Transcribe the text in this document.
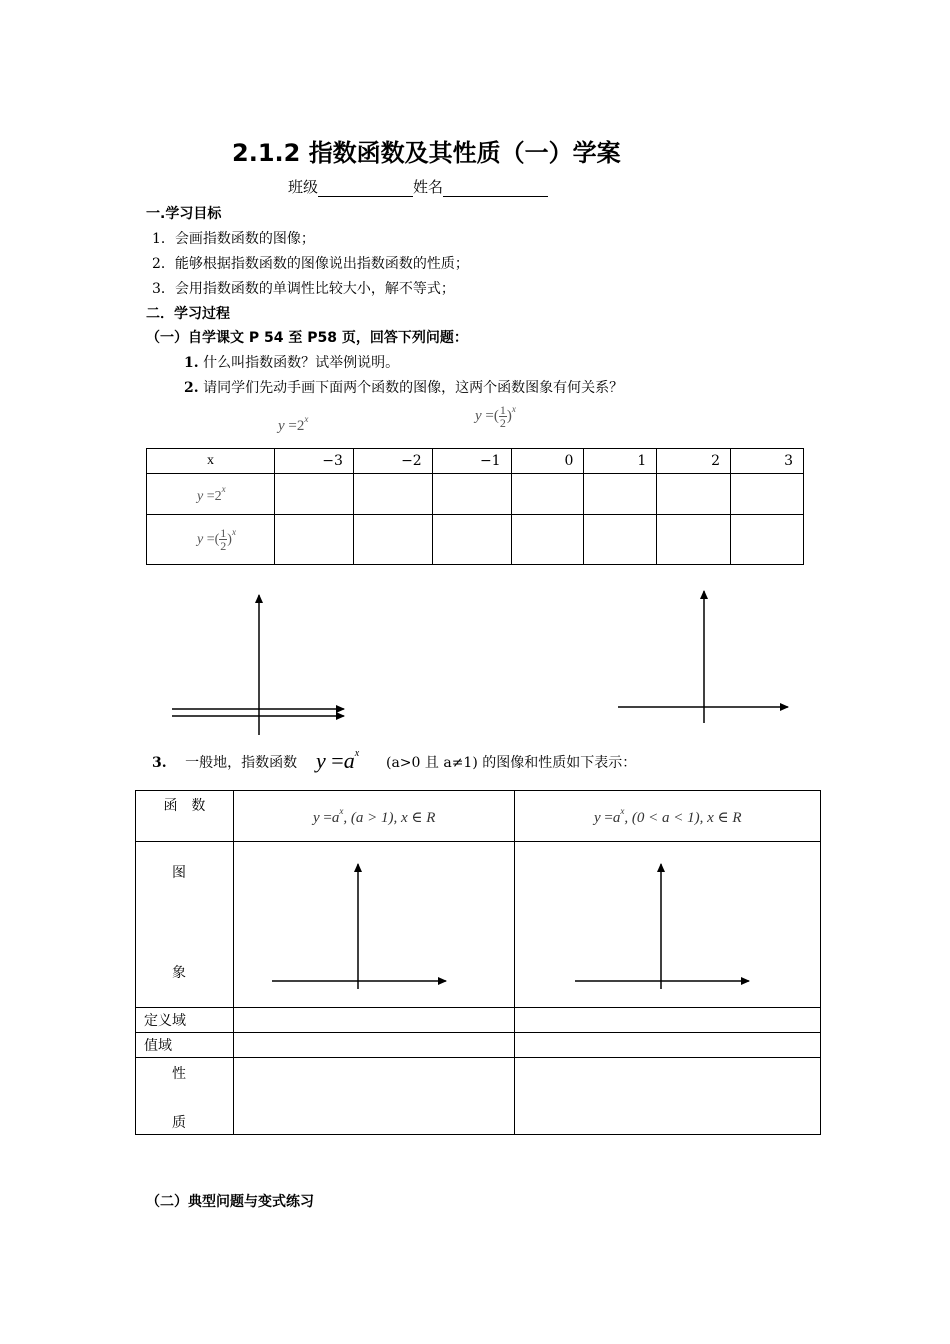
2.1.2 指数函数及其性质（一）学案
班级	姓名
一.学习目标
1．会画指数函数的图像；
2．能够根据指数函数的图像说出指数函数的性质；
3．会用指数函数的单调性比较大小，解不等式；
二．学习过程
（一）自学课文 P 54 至 P58 页，回答下列问题：
1. 什么叫指数函数？试举例说明。
2. 请同学们先动手画下面两个函数的图像，这两个函数图象有何关系？
$y =2^x$	y =( $\frac{1}{2} )^x$
x	−3	−2	−1	0	1	2	3
$y =2^x$							
y =( $\frac{1}{2} )^x$							
3. 一般地，指数函数 $y =a^x$
(a>0 且 a≠1) 的图像和性质如下表示：
函　数	$y =a^x$, (a > 1), x ∈ R	$y =a^x$, (0 < a < 1), x ∈ R

图
象

定义域		
值域		

性
质		

（二）典型问题与变式练习
